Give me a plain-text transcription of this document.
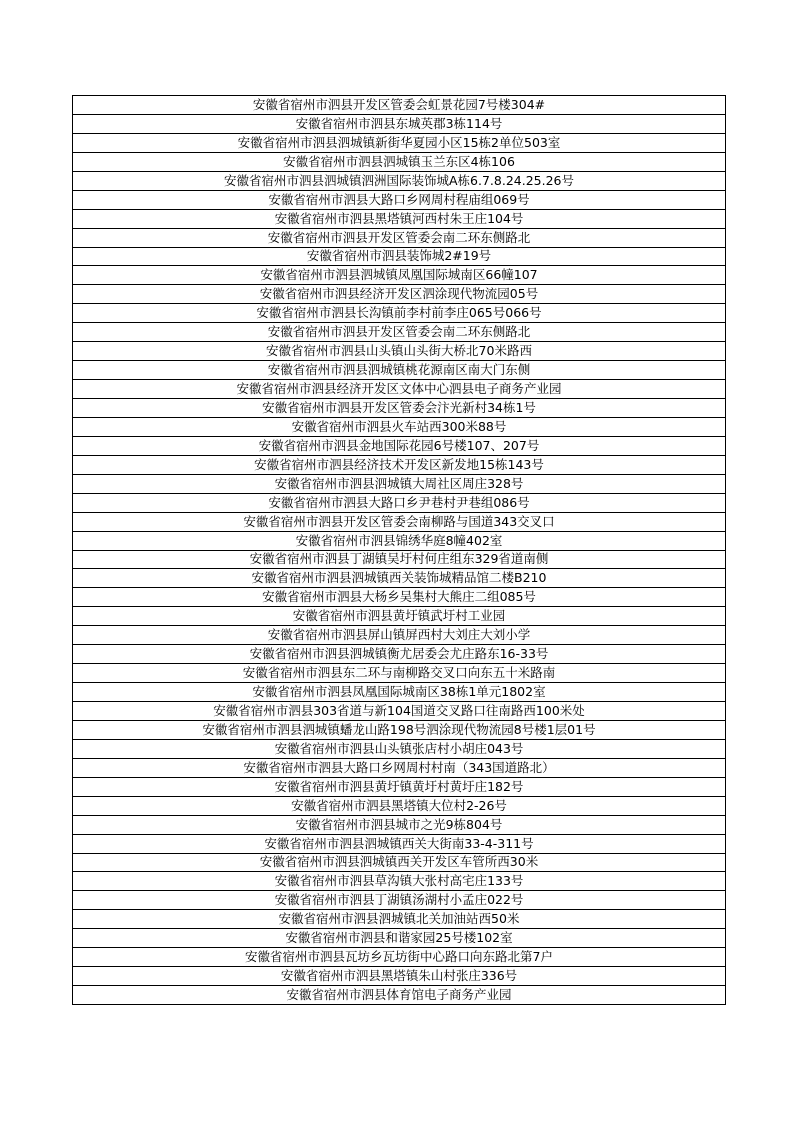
安徽省宿州市泗县开发区管委会虹景花园7号楼304#
安徽省宿州市泗县东城英郡3栋114号
安徽省宿州市泗县泗城镇新街华夏园小区15栋2单位503室
安徽省宿州市泗县泗城镇玉兰东区4栋106
安徽省宿州市泗县泗城镇泗洲国际装饰城A栋6.7.8.24.25.26号
安徽省宿州市泗县大路口乡网周村程庙组069号
安徽省宿州市泗县黑塔镇河西村朱王庄104号
安徽省宿州市泗县开发区管委会南二环东侧路北
安徽省宿州市泗县装饰城2#19号
安徽省宿州市泗县泗城镇凤凰国际城南区66幢107
安徽省宿州市泗县经济开发区泗涂现代物流园05号
安徽省宿州市泗县长沟镇前李村前李庄065号066号
安徽省宿州市泗县开发区管委会南二环东侧路北
安徽省宿州市泗县山头镇山头街大桥北70米路西
安徽省宿州市泗县泗城镇桃花源南区南大门东侧
安徽省宿州市泗县经济开发区文体中心泗县电子商务产业园
安徽省宿州市泗县开发区管委会汴光新村34栋1号
安徽省宿州市泗县火车站西300米88号
安徽省宿州市泗县金地国际花园6号楼107、207号
安徽省宿州市泗县经济技术开发区新发地15栋143号
安徽省宿州市泗县泗城镇大周社区周庄328号
安徽省宿州市泗县大路口乡尹巷村尹巷组086号
安徽省宿州市泗县开发区管委会南柳路与国道343交叉口
安徽省宿州市泗县锦绣华庭8幢402室
安徽省宿州市泗县丁湖镇吴圩村何庄组东329省道南侧
安徽省宿州市泗县泗城镇西关装饰城精品馆二楼B210
安徽省宿州市泗县大杨乡吴集村大熊庄二组085号
安徽省宿州市泗县黄圩镇武圩村工业园
安徽省宿州市泗县屏山镇屏西村大刘庄大刘小学
安徽省宿州市泗县泗城镇衡尤居委会尤庄路东16-33号
安徽省宿州市泗县东二环与南柳路交叉口向东五十米路南
安徽省宿州市泗县凤凰国际城南区38栋1单元1802室
安徽省宿州市泗县303省道与新104国道交叉路口往南路西100米处
安徽省宿州市泗县泗城镇蟠龙山路198号泗涂现代物流园8号楼1层01号
安徽省宿州市泗县山头镇张店村小胡庄043号
安徽省宿州市泗县大路口乡网周村村南（343国道路北）
安徽省宿州市泗县黄圩镇黄圩村黄圩庄182号
安徽省宿州市泗县黑塔镇大位村2-26号
安徽省宿州市泗县城市之光9栋804号
安徽省宿州市泗县泗城镇西关大街南33-4-311号
安徽省宿州市泗县泗城镇西关开发区车管所西30米
安徽省宿州市泗县草沟镇大张村高宅庄133号
安徽省宿州市泗县丁湖镇汤湖村小孟庄022号
安徽省宿州市泗县泗城镇北关加油站西50米
安徽省宿州市泗县和谐家园25号楼102室
安徽省宿州市泗县瓦坊乡瓦坊街中心路口向东路北第7户
安徽省宿州市泗县黑塔镇朱山村张庄336号
安徽省宿州市泗县体育馆电子商务产业园
